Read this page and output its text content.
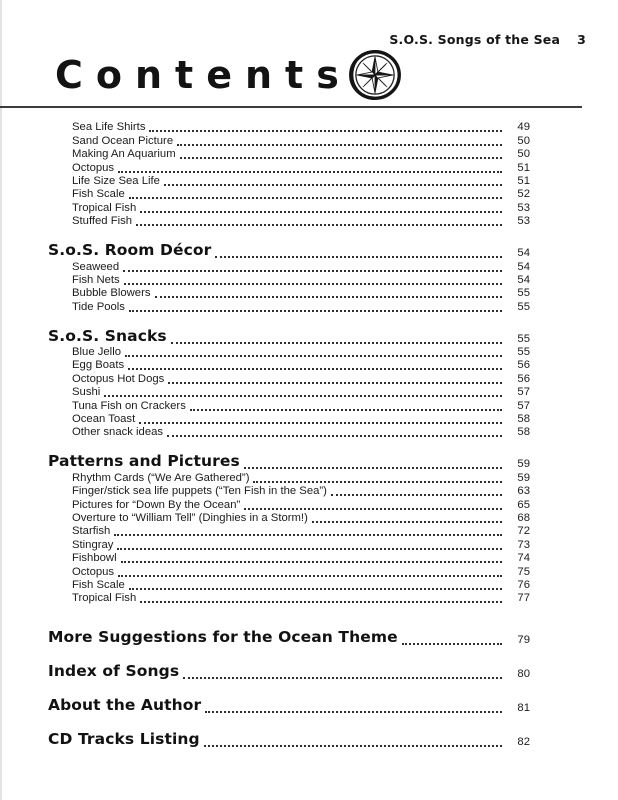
S.O.S. Songs of the Sea 3
Contents
Sea Life Shirts	49
Sand Ocean Picture	50
Making An Aquarium	50
Octopus	51
Life Size Sea Life	51
Fish Scale	52
Tropical Fish	53
Stuffed Fish	53
S.o.S. Room Décor	54
Seaweed	54
Fish Nets	54
Bubble Blowers	55
Tide Pools	55
S.o.S. Snacks	55
Blue Jello	55
Egg Boats	56
Octopus Hot Dogs	56
Sushi	57
Tuna Fish on Crackers	57
Ocean Toast	58
Other snack ideas	58
Patterns and Pictures	59
Rhythm Cards (“We Are Gathered”)	59
Finger/stick sea life puppets (“Ten Fish in the Sea”)	63
Pictures for “Down By the Ocean”	65
Overture to “William Tell” (Dinghies in a Storm!)	68
Starfish	72
Stingray	73
Fishbowl	74
Octopus	75
Fish Scale	76
Tropical Fish	77
More Suggestions for the Ocean Theme	79
Index of Songs	80
About the Author	81
CD Tracks Listing	82
